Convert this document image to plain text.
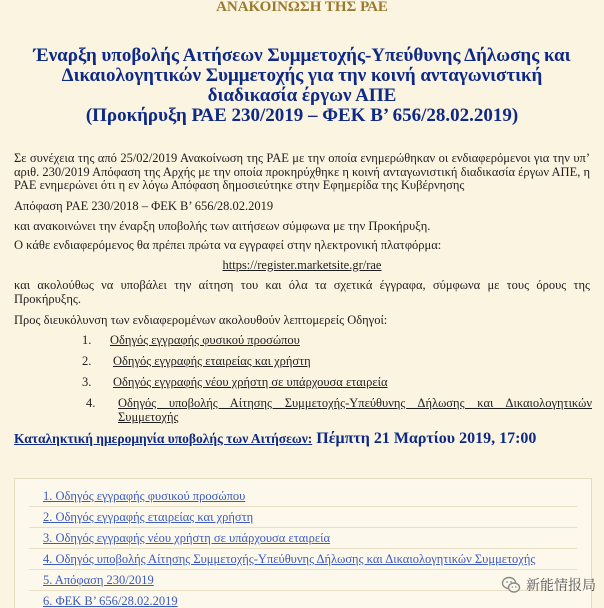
ΑΝΑΚΟΙΝΩΣΗ ΤΗΣ ΡΑΕ
Έναρξη υποβολής Αιτήσεων Συμμετοχής-Υπεύθυνης Δήλωσης και Δικαιολογητικών Συμμετοχής για την κοινή ανταγωνιστική διαδικασία έργων ΑΠΕ
(Προκήρυξη ΡΑΕ 230/2019 – ΦΕΚ Β’ 656/28.02.2019)
Σε συνέχεια της από 25/02/2019 Ανακοίνωση της ΡΑΕ με την οποία ενημερώθηκαν οι ενδιαφερόμενοι για την υπ’ αριθ. 230/2019 Απόφαση της Αρχής με την οποία προκηρύχθηκε η κοινή ανταγωνιστική διαδικασία έργων ΑΠΕ, η ΡΑΕ ενημερώνει ότι η εν λόγω Απόφαση δημοσιεύτηκε στην Εφημερίδα της Κυβέρνησης
Απόφαση ΡΑΕ 230/2018 – ΦΕΚ Β’ 656/28.02.2019
και ανακοινώνει την έναρξη υποβολής των αιτήσεων σύμφωνα με την Προκήρυξη.
Ο κάθε ενδιαφερόμενος θα πρέπει πρώτα να εγγραφεί στην ηλεκτρονική πλατφόρμα:
https://register.marketsite.gr/rae
και ακολούθως να υποβάλει την αίτηση του και όλα τα σχετικά έγγραφα, σύμφωνα με τους όρους της Προκήρυξης.
Προς διευκόλυνση των ενδιαφερομένων ακολουθούν λεπτομερείς Οδηγοί:
1. Οδηγός εγγραφής φυσικού προσώπου
2. Οδηγός εγγραφής εταιρείας και χρήστη
3. Οδηγός εγγραφής νέου χρήστη σε υπάρχουσα εταιρεία
4. Οδηγός υποβολής Αίτησης Συμμετοχής-Υπεύθυνης Δήλωσης και Δικαιολογητικών Συμμετοχής
Καταληκτική ημερομηνία υποβολής των Αιτήσεων: Πέμπτη 21 Μαρτίου 2019, 17:00
1. Οδηγός εγγραφής φυσικού προσώπου
2. Οδηγός εγγραφής εταιρείας και χρήστη
3. Οδηγός εγγραφής νέου χρήστη σε υπάρχουσα εταιρεία
4. Οδηγός υποβολής Αίτησης Συμμετοχής-Υπεύθυνης Δήλωσης και Δικαιολογητικών Συμμετοχής
5. Απόφαση 230/2019
6. ΦΕΚ Β’ 656/28.02.2019
新能情报局
